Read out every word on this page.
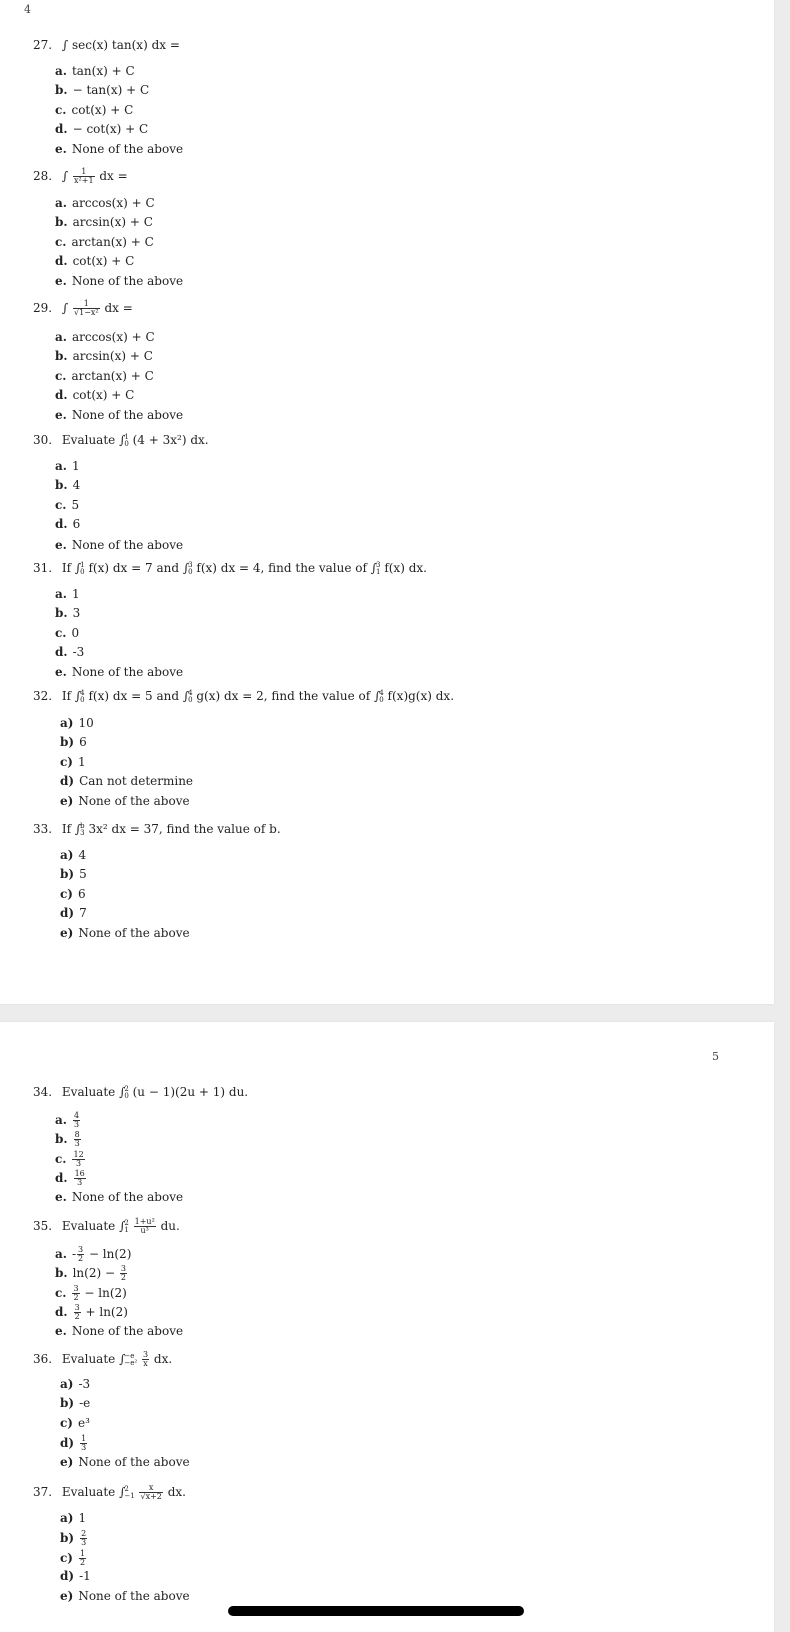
4
27. ∫ sec(x) tan(x) dx =
a. tan(x) + C
b. − tan(x) + C
c. cot(x) + C
d. − cot(x) + C
e. None of the above
28. ∫ $\frac{1}{\text{x²+1}}$ dx =
a. arccos(x) + C
b. arcsin(x) + C
c. arctan(x) + C
d. cot(x) + C
e. None of the above
29. ∫ $\frac{1}{\text{√1−x²}}$ dx =
a. arccos(x) + C
b. arcsin(x) + C
c. arctan(x) + C
d. cot(x) + C
e. None of the above
30. Evaluate ∫ 1
0 (4 + 3x²) dx.
a. 1
b. 4
c. 5
d. 6
e. None of the above
31. If ∫ 1
0 f(x) dx = 7 and ∫ 3
0 f(x) dx = 4, find the value of ∫ 3
1 f(x) dx.
a. 1
b. 3
c. 0
d. -3
e. None of the above
32. If ∫ 4
0 f(x) dx = 5 and ∫ 4
0 g(x) dx = 2, find the value of ∫ 4
0 f(x)g(x) dx.
a) 10
b) 6
c) 1
d) Can not determine
e) None of the above
33. If ∫ b
3 3x² dx = 37, find the value of b.
a) 4
b) 5
c) 6
d) 7
e) None of the above
5
34. Evaluate ∫ 2
0 (u − 1)(2u + 1) du.
a. $\frac{4}{3}$
b. $\frac{8}{3}$
c. $\frac{12}{3}$
d. $\frac{16}{3}$
e. None of the above
35. Evaluate ∫ 2
1
$\frac{\text{1+u²}}{\text{u³}}$ du.
a. - $\frac{3}{2} - \ln(2)$
b. $\ln(2) - \frac{3}{2}$
c. $\frac{3}{2} - \ln(2)$
d. $\frac{3}{2} + \ln(2)$
e. None of the above
36. Evaluate ∫ −e
−e²
$\frac{3}{x}$ dx.
a) -3
b) -e
c) e³
$d) \frac{1}{3}$
e) None of the above
37. Evaluate ∫ 2
−1
$\frac{x}{√x+2}$ dx.
a) 1
$b) \frac{2}{3}$
$c) \frac{1}{2}$
d) -1
e) None of the above
